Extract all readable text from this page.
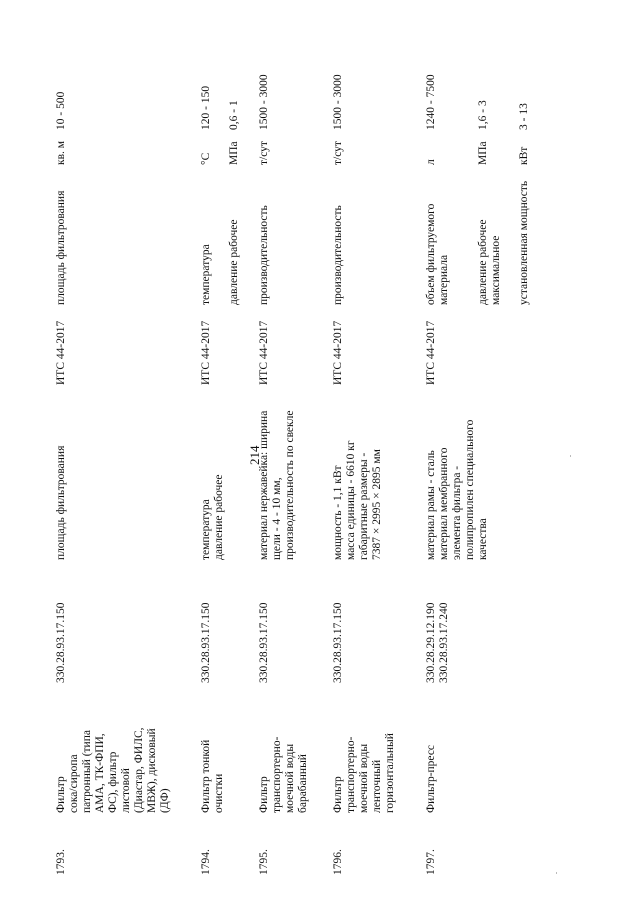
214
1793.
Фильтр сока/сиропа патронный (типа AMA, ТК-ФПИ, ФС), фильтр листовой (Диастар, ФИЛС, МВЖ), дисковый (ДФ)
330.28.93.17.150
площадь фильтрования
ИТС 44-2017
площадь фильтрования
кв. м
10 - 500
1794.
Фильтр тонкой очистки
330.28.93.17.150
температура давление рабочее
ИТС 44-2017
температура
°С
120 - 150
давление рабочее
МПа
0,6 - 1
1795.
Фильтр транспортерно- моечной воды барабанный
330.28.93.17.150
материал нержавейка: ширина щели - 4 - 10 мм, производительность по свекле
ИТС 44-2017
производительность
т/сут
1500 - 3000
1796.
Фильтр транспортерно- моечной воды ленточный горизонтальный
330.28.93.17.150
мощность - 1,1 кВт масса единицы - 6610 кг габаритные размеры - 7387 × 2995 × 2895 мм
ИТС 44-2017
производительность
т/сут
1500 - 3000
1797.
Фильтр-пресс
330.28.29.12.190 330.28.93.17.240
материал рамы - сталь материал мембранного элемента фильтра - полипропилен специального качества
ИТС 44-2017
объем фильтруемого материала
л
1240 - 7500
давление рабочее максимальное
МПа
1,6 - 3
установленная мощность
кВт
3 - 13
